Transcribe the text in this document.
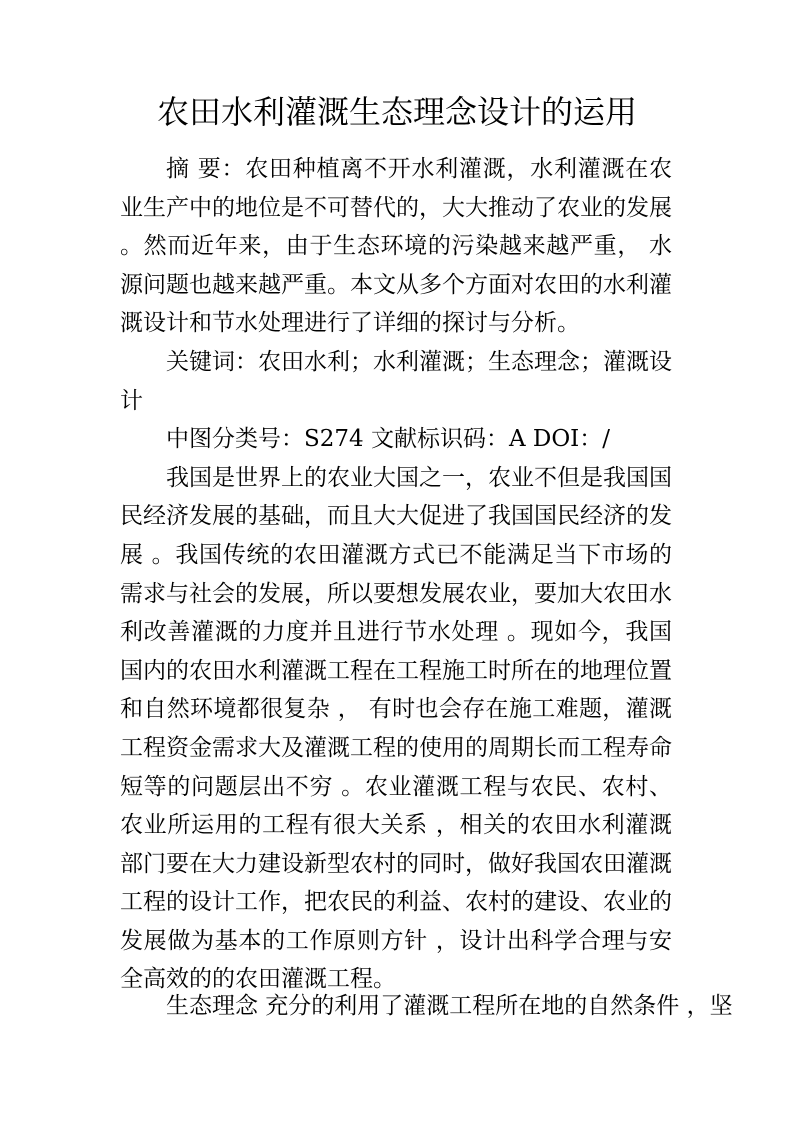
农田水利灌溉生态理念设计的运用

摘 要：农田种植离不开水利灌溉，水利灌溉在农业生产中的地位是不可替代的，大大推动了农业的发展 。然而近年来，由于生态环境的污染越来越严重， 水源问题也越来越严重。本文从多个方面对农田的水利灌溉设计和节水处理进行了详细的探讨与分析。

关键词：农田水利；水利灌溉；生态理念；灌溉设计

中图分类号：S274 文献标识码：A DOI：/

我国是世界上的农业大国之一，农业不但是我国国民经济发展的基础，而且大大促进了我国国民经济的发展 。我国传统的农田灌溉方式已不能满足当下市场的需求与社会的发展，所以要想发展农业，要加大农田水利改善灌溉的力度并且进行节水处理 。现如今，我国国内的农田水利灌溉工程在工程施工时所在的地理位置和自然环境都很复杂 ， 有时也会存在施工难题，灌溉工程资金需求大及灌溉工程的使用的周期长而工程寿命短等的问题层出不穷 。农业灌溉工程与农民、农村、农业所运用的工程有很大关系 ，相关的农田水利灌溉部门要在大力建设新型农村的同时，做好我国农田灌溉工程的设计工作，把农民的利益、农村的建设、农业的发展做为基本的工作原则方针 ，设计出科学合理与安全高效的的农田灌溉工程。

生态理念 充分的利用了灌溉工程所在地的自然条件 ，坚
